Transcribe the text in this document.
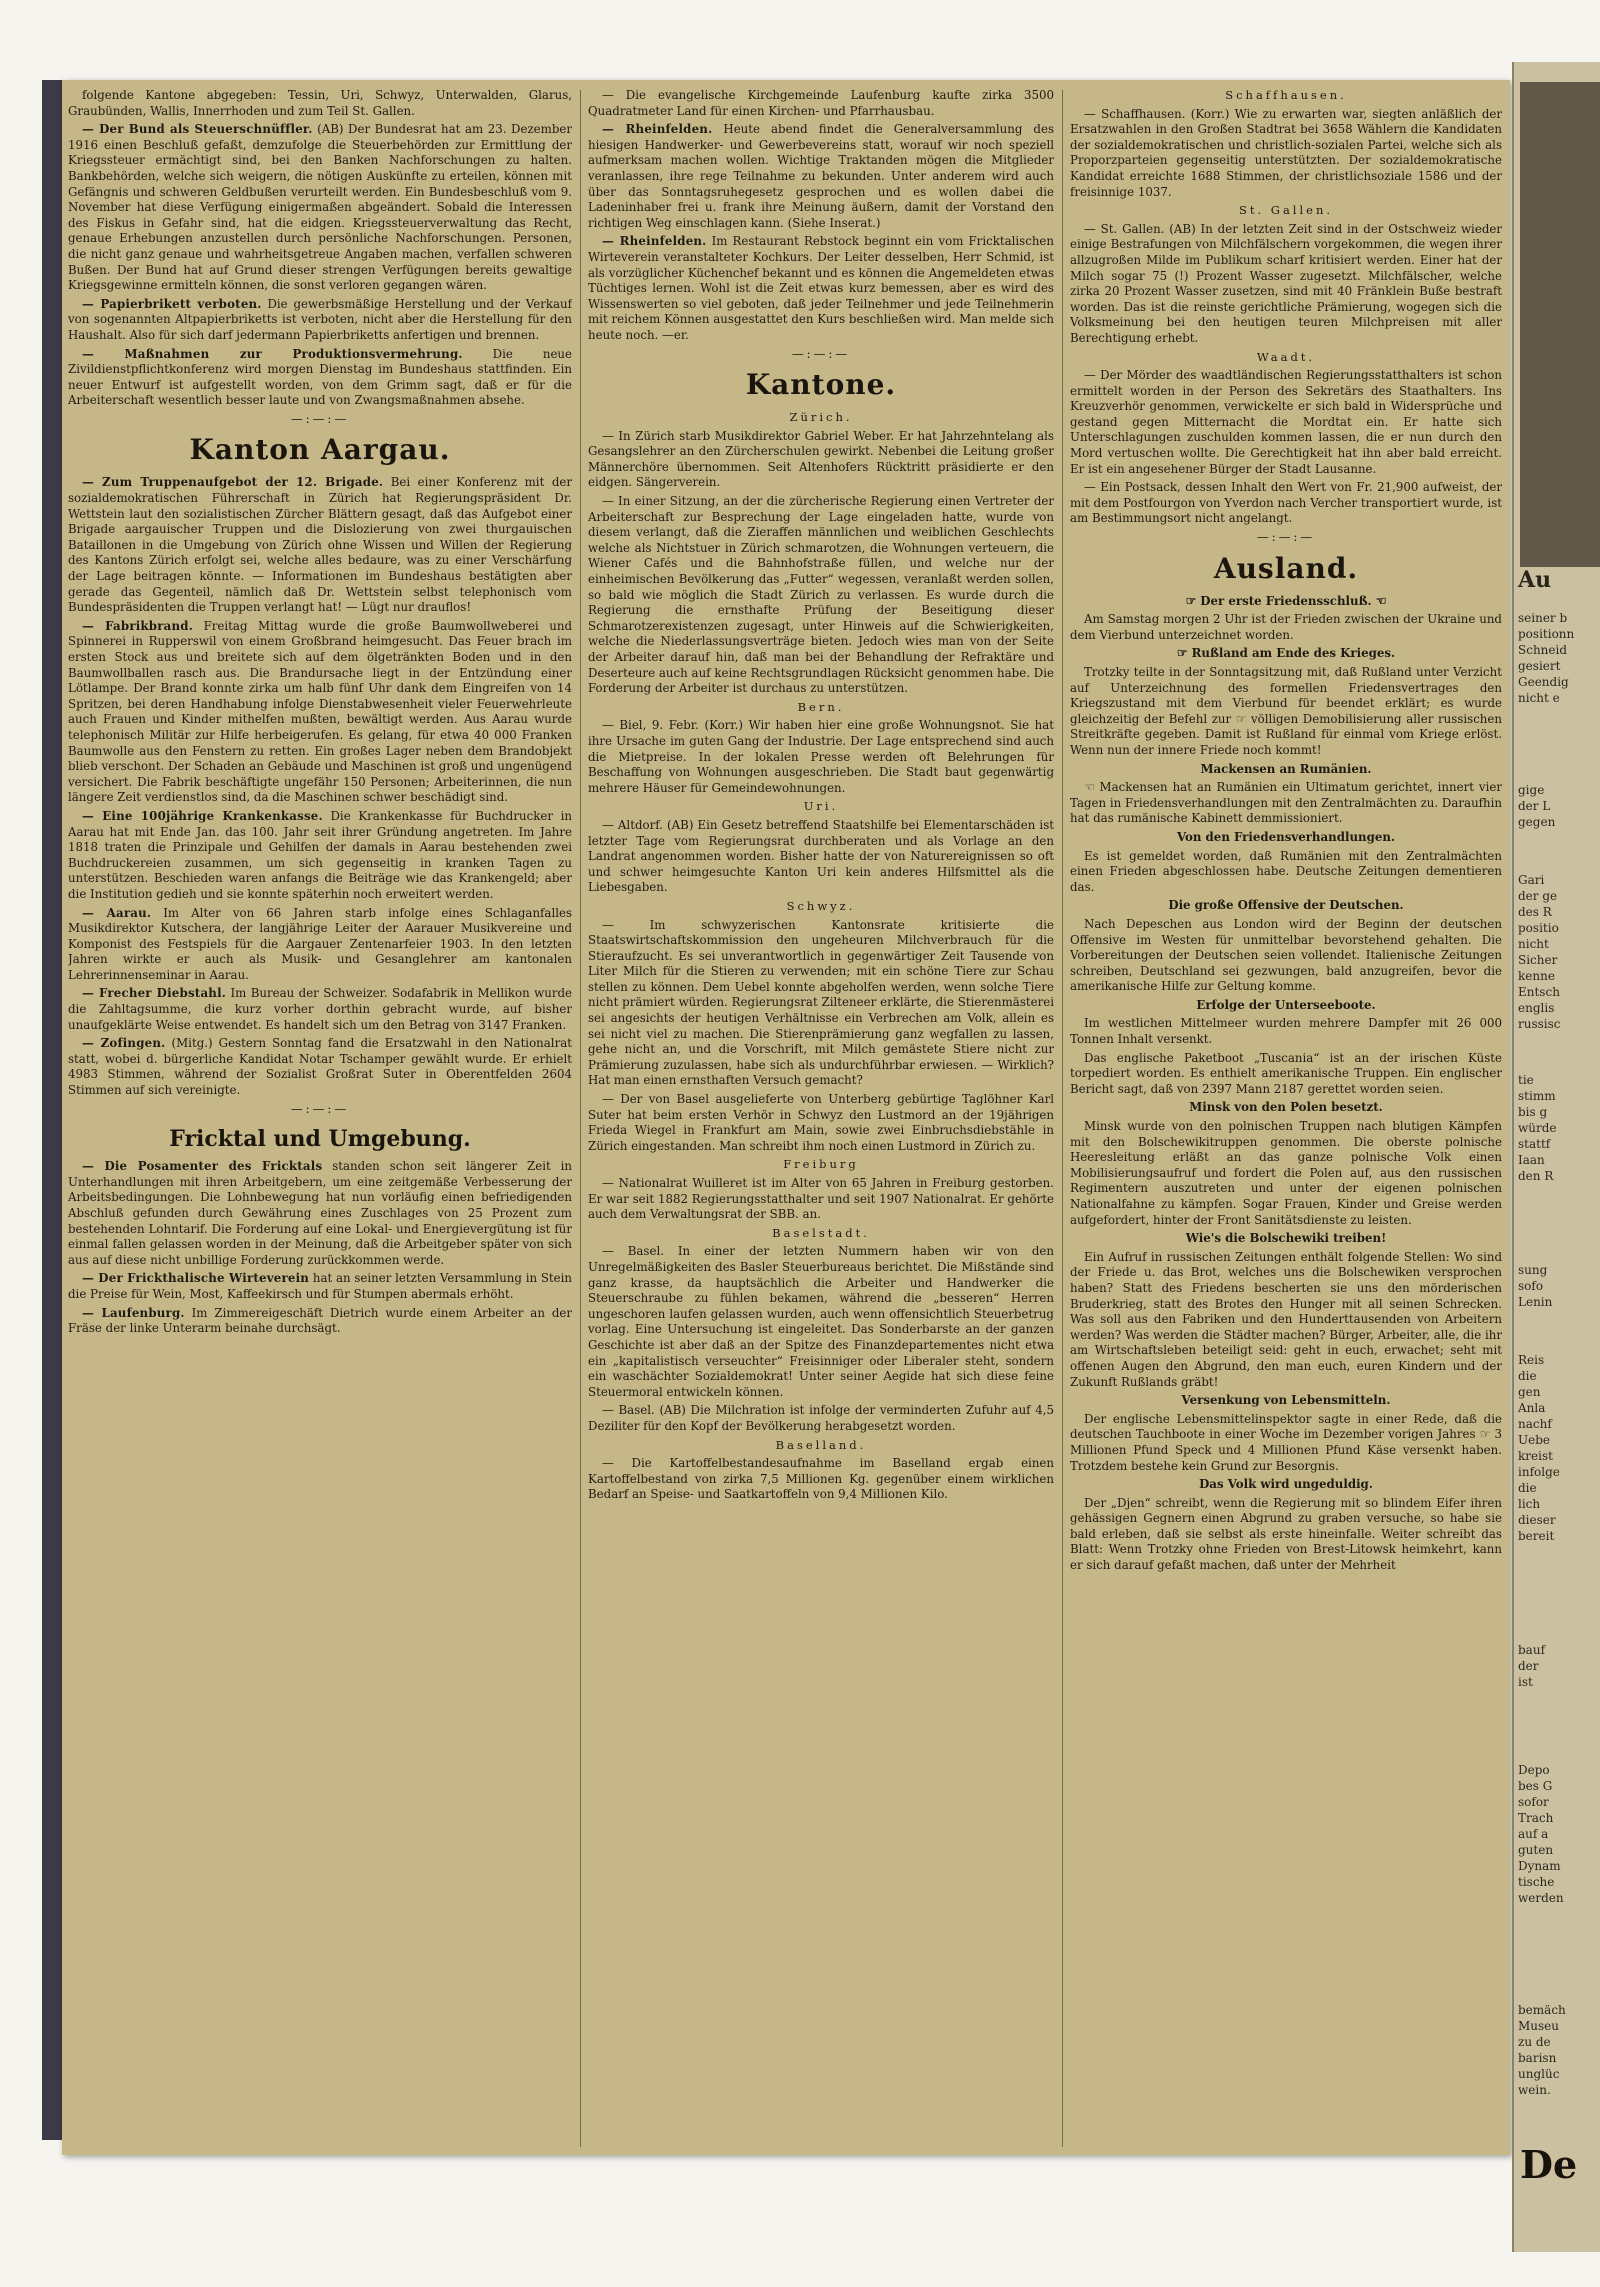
folgende Kantone abgegeben: Tessin, Uri, Schwyz, Unterwalden, Glarus, Graubünden, Wallis, Innerrhoden und zum Teil St. Gallen.

— Der Bund als Steuerschnüffler. (AB) Der Bundesrat hat am 23. Dezember 1916 einen Beschluß gefaßt, demzufolge die Steuerbehörden zur Ermittlung der Kriegssteuer ermächtigt sind, bei den Banken Nachforschungen zu halten. Bankbehörden, welche sich weigern, die nötigen Auskünfte zu erteilen, können mit Gefängnis und schweren Geldbußen verurteilt werden. Ein Bundesbeschluß vom 9. November hat diese Verfügung einigermaßen abgeändert. Sobald die Interessen des Fiskus in Gefahr sind, hat die eidgen. Kriegssteuerverwaltung das Recht, genaue Erhebungen anzustellen durch persönliche Nachforschungen. Personen, die nicht ganz genaue und wahrheitsgetreue Angaben machen, verfallen schweren Bußen. Der Bund hat auf Grund dieser strengen Verfügungen bereits gewaltige Kriegsgewinne ermitteln können, die sonst verloren gegangen wären.

— Papierbrikett verboten. Die gewerbsmäßige Herstellung und der Verkauf von sogenannten Altpapierbriketts ist verboten, nicht aber die Herstellung für den Haushalt. Also für sich darf jedermann Papierbriketts anfertigen und brennen.

— Maßnahmen zur Produktionsvermehrung.	Die neue Zivildienstpflichtkonferenz wird morgen Dienstag im Bundeshaus stattfinden. Ein neuer Entwurf ist aufgestellt worden, von dem Grimm sagt, daß er für die Arbeiterschaft wesentlich besser laute und von Zwangsmaßnahmen absehe.

—:—:—

Kanton Aargau.

— Zum Truppenaufgebot der 12. Brigade. Bei einer Konferenz mit der sozialdemokratischen Führerschaft in Zürich hat Regierungspräsident Dr. Wettstein laut den sozialistischen Zürcher Blättern gesagt, daß das Aufgebot einer Brigade aargauischer Truppen und die Dislozierung von zwei thurgauischen Bataillonen in die Umgebung von Zürich ohne Wissen und Willen der Regierung des Kantons Zürich erfolgt sei, welche alles bedaure, was zu einer Verschärfung der Lage beitragen könnte. — Informationen im Bundeshaus bestätigten aber gerade das Gegenteil, nämlich daß Dr. Wettstein selbst telephonisch vom Bundespräsidenten die Truppen verlangt hat! — Lügt nur drauflos!

— Fabrikbrand. Freitag Mittag wurde die große Baumwollweberei und Spinnerei in Rupperswil von einem Großbrand heimgesucht. Das Feuer brach im ersten Stock aus und breitete sich auf dem ölgetränkten Boden und in den Baumwollballen rasch aus. Die Brandursache liegt in der Entzündung einer Lötlampe. Der Brand konnte zirka um halb fünf Uhr dank dem Eingreifen von 14 Spritzen, bei deren Handhabung infolge Dienstabwesenheit vieler Feuerwehrleute auch Frauen und Kinder mithelfen mußten, bewältigt werden. Aus Aarau wurde telephonisch Militär zur Hilfe herbeigerufen. Es gelang, für etwa 40 000 Franken Baumwolle aus den Fenstern zu retten. Ein großes Lager neben dem Brandobjekt blieb verschont. Der Schaden an Gebäude und Maschinen ist groß und ungenügend versichert. Die Fabrik beschäftigte ungefähr 150 Personen; Arbeiterinnen, die nun längere Zeit verdienstlos sind, da die Maschinen schwer beschädigt sind.

— Eine 100jährige Krankenkasse. Die Krankenkasse für Buchdrucker in Aarau hat mit Ende Jan. das 100. Jahr seit ihrer Gründung angetreten. Im Jahre 1818 traten die Prinzipale und Gehilfen der damals in Aarau bestehenden zwei Buchdruckereien zusammen, um sich gegenseitig in kranken Tagen zu unterstützen. Beschieden waren anfangs die Beiträge wie das Krankengeld; aber die Institution gedieh und sie konnte späterhin noch erweitert werden.

— Aarau. Im Alter von 66 Jahren starb infolge eines Schlaganfalles Musikdirektor Kutschera, der langjährige Leiter der Aarauer Musikvereine und Komponist des Festspiels für die Aargauer Zentenarfeier 1903. In den letzten Jahren wirkte er auch als Musik- und Gesanglehrer am kantonalen Lehrerinnenseminar in Aarau.

— Frecher Diebstahl. Im Bureau der Schweizer. Sodafabrik in Mellikon wurde die Zahltagsumme, die kurz vorher dorthin gebracht wurde, auf bisher unaufgeklärte Weise entwendet. Es handelt sich um den Betrag von 3147 Franken.

— Zofingen. (Mitg.) Gestern Sonntag fand die Ersatzwahl in den Nationalrat statt, wobei d. bürgerliche Kandidat Notar Tschamper gewählt wurde. Er erhielt 4983 Stimmen, während der Sozialist Großrat Suter in Oberentfelden 2604 Stimmen auf sich vereinigte.

—:—:—

Fricktal und Umgebung.

— Die Posamenter des Fricktals standen schon seit längerer Zeit in Unterhandlungen mit ihren Arbeitgebern, um eine zeitgemäße Verbesserung der Arbeitsbedingungen. Die Lohnbewegung hat nun vorläufig einen befriedigenden Abschluß gefunden durch Gewährung eines Zuschlages von 25 Prozent zum bestehenden Lohntarif. Die Forderung auf eine Lokal- und Energievergütung ist für einmal fallen gelassen worden in der Meinung, daß die Arbeitgeber später von sich aus auf diese nicht unbillige Forderung zurückkommen werde.

— Der Frickthalische Wirteverein hat an seiner letzten Versammlung in Stein die Preise für Wein, Most, Kaffeekirsch und für Stumpen abermals erhöht.

— Laufenburg. Im Zimmereigeschäft Dietrich wurde einem Arbeiter an der Fräse der linke Unterarm beinahe durchsägt.

— Die evangelische Kirchgemeinde Laufenburg kaufte zirka 3500 Quadratmeter Land für einen Kirchen- und Pfarrhausbau.

— Rheinfelden. Heute abend findet die Generalversammlung des hiesigen Handwerker- und Gewerbevereins statt, worauf wir noch speziell aufmerksam machen wollen. Wichtige Traktanden mögen die Mitglieder veranlassen, ihre rege Teilnahme zu bekunden. Unter anderem wird auch über das Sonntagsruhegesetz gesprochen und es wollen dabei die Ladeninhaber frei u. frank ihre Meinung äußern, damit der Vorstand den richtigen Weg einschlagen kann. (Siehe Inserat.)

— Rheinfelden. Im Restaurant Rebstock beginnt ein vom Fricktalischen Wirteverein veranstalteter Kochkurs. Der Leiter desselben, Herr Schmid, ist als vorzüglicher Küchenchef bekannt und es können die Angemeldeten etwas Tüchtiges lernen. Wohl ist die Zeit etwas kurz bemessen, aber es wird des Wissenswerten so viel geboten, daß jeder Teilnehmer und jede Teilnehmerin mit reichem Können ausgestattet den Kurs beschließen wird. Man melde sich heute noch. —er.

—:—:—

Kantone.

Zürich.

— In Zürich starb Musikdirektor Gabriel Weber. Er hat Jahrzehntelang als Gesangslehrer an den Zürcherschulen gewirkt. Nebenbei die Leitung großer Männerchöre übernommen. Seit Altenhofers Rücktritt präsidierte er den eidgen. Sängerverein.

— In einer Sitzung, an der die zürcherische Regierung einen Vertreter der Arbeiterschaft zur Besprechung der Lage eingeladen hatte, wurde von diesem verlangt, daß die Zieraffen männlichen und weiblichen Geschlechts welche als Nichtstuer in Zürich schmarotzen, die Wohnungen verteuern, die Wiener Cafés und die Bahnhofstraße füllen, und welche nur der einheimischen Bevölkerung das „Futter“ wegessen, veranlaßt werden sollen, so bald wie möglich die Stadt Zürich zu verlassen. Es wurde durch die Regierung die ernsthafte Prüfung der Beseitigung dieser Schmarotzerexistenzen zugesagt, unter Hinweis auf die Schwierigkeiten, welche die Niederlassungsverträge bieten. Jedoch wies man von der Seite der Arbeiter darauf hin, daß man bei der Behandlung der Refraktäre und Deserteure auch auf keine Rechtsgrundlagen Rücksicht genommen habe. Die Forderung der Arbeiter ist durchaus zu unterstützen.

Bern.

— Biel, 9. Febr. (Korr.) Wir haben hier eine große Wohnungsnot. Sie hat ihre Ursache im guten Gang der Industrie. Der Lage entsprechend sind auch die Mietpreise. In der lokalen Presse werden oft Belehrungen für Beschaffung von Wohnungen ausgeschrieben. Die Stadt baut gegenwärtig mehrere Häuser für Gemeindewohnungen.

Uri.

— Altdorf. (AB) Ein Gesetz betreffend Staatshilfe bei Elementarschäden ist letzter Tage vom Regierungsrat durchberaten und als Vorlage an den Landrat angenommen worden. Bisher hatte der von Naturereignissen so oft und schwer heimgesuchte Kanton Uri kein anderes Hilfsmittel als die Liebesgaben.

Schwyz.

— Im schwyzerischen Kantonsrate kritisierte die Staatswirtschaftskommission den ungeheuren Milchverbrauch für die Stieraufzucht. Es sei unverantwortlich in gegenwärtiger Zeit Tausende von Liter Milch für die Stieren zu verwenden; mit ein schöne Tiere zur Schau stellen zu können. Dem Uebel konnte abgeholfen werden, wenn solche Tiere nicht prämiert würden. Regierungsrat Zilteneer erklärte, die Stierenmästerei sei angesichts der heutigen Verhältnisse ein Verbrechen am Volk, allein es sei nicht viel zu machen. Die Stierenprämierung ganz wegfallen zu lassen, gehe nicht an, und die Vorschrift, mit Milch gemästete Stiere nicht zur Prämierung zuzulassen, habe sich als undurchführbar erwiesen. — Wirklich? Hat man einen ernsthaften Versuch gemacht?

— Der von Basel ausgelieferte von Unterberg gebürtige Taglöhner Karl Suter hat beim ersten Verhör in Schwyz den Lustmord an der 19jährigen Frieda Wiegel in Frankfurt am Main, sowie zwei Einbruchsdiebstähle in Zürich eingestanden. Man schreibt ihm noch einen Lustmord in Zürich zu.

Freiburg

— Nationalrat Wuilleret ist im Alter von 65 Jahren in Freiburg gestorben. Er war seit 1882 Regierungsstatthalter und seit 1907 Nationalrat. Er gehörte auch dem Verwaltungsrat der SBB. an.

Baselstadt.

— Basel. In einer der letzten Nummern haben wir von den Unregelmäßigkeiten des Basler Steuerbureaus berichtet. Die Mißstände sind ganz krasse, da hauptsächlich die Arbeiter und Handwerker die Steuerschraube zu fühlen bekamen, während die „besseren“ Herren ungeschoren laufen gelassen wurden, auch wenn offensichtlich Steuerbetrug vorlag. Eine Untersuchung ist eingeleitet. Das Sonderbarste an der ganzen Geschichte ist aber daß an der Spitze des Finanzdepartementes nicht etwa ein „kapitalistisch verseuchter“ Freisinniger oder Liberaler steht, sondern ein waschächter Sozialdemokrat! Unter seiner Aegide hat sich diese feine Steuermoral entwickeln können.

— Basel. (AB) Die Milchration ist infolge der verminderten Zufuhr auf 4,5 Deziliter für den Kopf der Bevölkerung herabgesetzt worden.

Baselland.

— Die Kartoffelbestandesaufnahme im Baselland ergab einen Kartoffelbestand von zirka 7,5 Millionen Kg. gegenüber einem wirklichen Bedarf an Speise- und Saatkartoffeln von 9,4 Millionen Kilo.

Schaffhausen.

— Schaffhausen. (Korr.) Wie zu erwarten war, siegten anläßlich der Ersatzwahlen in den Großen Stadtrat bei 3658 Wählern die Kandidaten der sozialdemokratischen und christlich-sozialen Partei, welche sich als Proporzparteien gegenseitig unterstützten. Der sozialdemokratische Kandidat erreichte 1688 Stimmen, der christlichsoziale 1586 und der freisinnige 1037.

St. Gallen.

— St. Gallen. (AB) In der letzten Zeit sind in der Ostschweiz wieder einige Bestrafungen von Milchfälschern vorgekommen, die wegen ihrer allzugroßen Milde im Publikum scharf kritisiert werden. Einer hat der Milch sogar 75 (!) Prozent Wasser zugesetzt. Milchfälscher, welche zirka 20 Prozent Wasser zusetzen, sind mit 40 Fränklein Buße bestraft worden. Das ist die reinste gerichtliche Prämierung, wogegen sich die Volksmeinung bei den heutigen teuren Milchpreisen mit aller Berechtigung erhebt.

Waadt.

— Der Mörder des waadtländischen Regierungsstatthalters ist schon ermittelt worden in der Person des Sekretärs des Staathalters. Ins Kreuzverhör genommen, verwickelte er sich bald in Widersprüche und gestand gegen Mitternacht die Mordtat ein. Er hatte sich Unterschlagungen zuschulden kommen lassen, die er nun durch den Mord vertuschen wollte. Die Gerechtigkeit hat ihn aber bald erreicht. Er ist ein angesehener Bürger der Stadt Lausanne.

— Ein Postsack, dessen Inhalt den Wert von Fr. 21,900 aufweist, der mit dem Postfourgon von Yverdon nach Vercher transportiert wurde, ist am Bestimmungsort nicht angelangt.

—:—:—

Ausland.

☞ Der erste Friedensschluß. ☜

Am Samstag morgen 2 Uhr ist der Frieden zwischen der Ukraine und dem Vierbund unterzeichnet worden.

☞ Rußland am Ende des Krieges.

Trotzky teilte in der Sonntagsitzung mit, daß Rußland unter Verzicht auf Unterzeichnung des formellen Friedensvertrages den Kriegszustand mit dem Vierbund für beendet erklärt; es wurde gleichzeitig der Befehl zur ☞ völligen Demobilisierung aller russischen Streitkräfte gegeben. Damit ist Rußland für einmal vom Kriege erlöst. Wenn nun der innere Friede noch kommt!

Mackensen an Rumänien.

☜ Mackensen hat an Rumänien ein Ultimatum gerichtet, innert vier Tagen in Friedensverhandlungen mit den Zentralmächten zu. Daraufhin hat das rumänische Kabinett demmissioniert.

Von den Friedensverhandlungen.

Es ist gemeldet worden, daß Rumänien mit den Zentralmächten einen Frieden abgeschlossen habe. Deutsche Zeitungen dementieren das.

Die große Offensive der Deutschen.

Nach Depeschen aus London wird der Beginn der deutschen Offensive im Westen für unmittelbar bevorstehend gehalten. Die Vorbereitungen der Deutschen seien vollendet. Italienische Zeitungen schreiben, Deutschland sei gezwungen, bald anzugreifen, bevor die amerikanische Hilfe zur Geltung komme.

Erfolge der Unterseeboote.

Im westlichen Mittelmeer wurden mehrere Dampfer mit 26 000 Tonnen Inhalt versenkt.

Das englische Paketboot „Tuscania“ ist an der irischen Küste torpediert worden. Es enthielt amerikanische Truppen. Ein englischer Bericht sagt, daß von 2397 Mann 2187 gerettet worden seien.

Minsk von den Polen besetzt.

Minsk wurde von den polnischen Truppen nach blutigen Kämpfen mit den Bolschewikitruppen genommen. Die oberste polnische Heeresleitung erläßt an das ganze polnische Volk einen Mobilisierungsaufruf und fordert die Polen auf, aus den russischen Regimentern auszutreten und unter der eigenen polnischen Nationalfahne zu kämpfen. Sogar Frauen, Kinder und Greise werden aufgefordert, hinter der Front Sanitätsdienste zu leisten.

Wie's die Bolschewiki treiben!

Ein Aufruf in russischen Zeitungen enthält folgende Stellen: Wo sind der Friede u. das Brot, welches uns die Bolschewiken versprochen haben? Statt des Friedens bescherten sie uns den mörderischen Bruderkrieg, statt des Brotes den Hunger mit all seinen Schrecken. Was soll aus den Fabriken und den Hunderttausenden von Arbeitern werden? Was werden die Städter machen? Bürger, Arbeiter, alle, die ihr am Wirtschaftsleben beteiligt seid: geht in euch, erwachet; seht mit offenen Augen den Abgrund, den man euch, euren Kindern und der Zukunft Rußlands gräbt!

Versenkung von Lebensmitteln.

Der englische Lebensmittelinspektor sagte in einer Rede, daß die deutschen Tauchboote in einer Woche im Dezember vorigen Jahres ☞ 3 Millionen Pfund Speck und 4 Millionen Pfund Käse versenkt haben. Trotzdem bestehe kein Grund zur Besorgnis.

Das Volk wird ungeduldig.

Der „Djen“ schreibt, wenn die Regierung mit so blindem Eifer ihren gehässigen Gegnern einen Abgrund zu graben versuche, so habe sie bald erleben, daß sie selbst als erste hineinfalle. Weiter schreibt das Blatt: Wenn Trotzky ohne Frieden von Brest-Litowsk heimkehrt, kann er sich darauf gefaßt machen, daß unter der Mehrheit

Au
seiner b
positionn
Schneid
gesiert
Geendig
nicht e
gige
der L
gegen
Gari
der ge
des R
positio
nicht
Sicher
kenne
Entsch
englis
russisc
tie
stimm
bis g
würde
stattf
Iaan
den R
sung
sofo
Lenin
Reis
die
gen
Anla
nachf
Uebe
kreist
infolge
die
lich
dieser
bereit
bauf
der
ist
Depo
bes G
sofor
Trach
auf a
guten
Dynam
tische
werden
bemäch
Museu
zu de
barisn
unglüc
wein.
De
